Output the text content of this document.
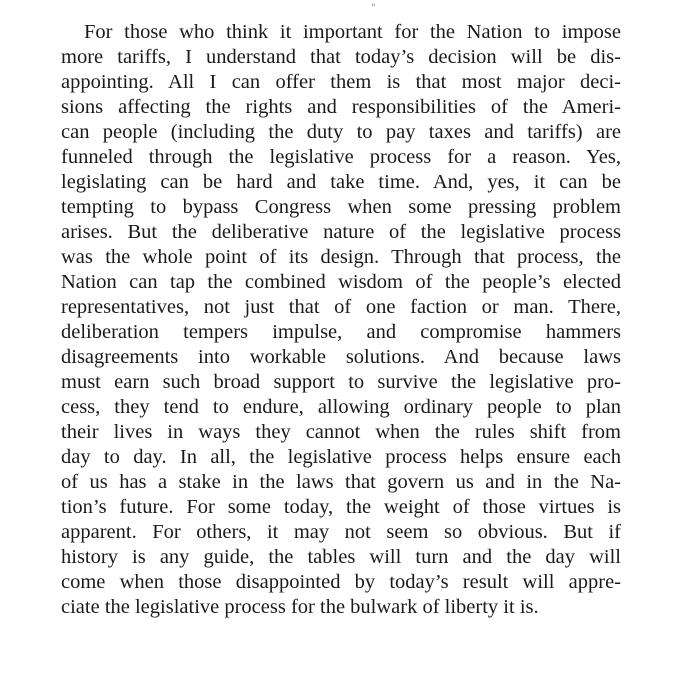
"
For those who think it important for the Nation to impose
more tariffs, I understand that today’s decision will be dis-
appointing. All I can offer them is that most major deci-
sions affecting the rights and responsibilities of the Ameri-
can people (including the duty to pay taxes and tariffs) are
funneled through the legislative process for a reason. Yes,
legislating can be hard and take time. And, yes, it can be
tempting to bypass Congress when some pressing problem
arises. But the deliberative nature of the legislative process
was the whole point of its design. Through that process, the
Nation can tap the combined wisdom of the people’s elected
representatives, not just that of one faction or man. There,
deliberation tempers impulse, and compromise hammers
disagreements into workable solutions. And because laws
must earn such broad support to survive the legislative pro-
cess, they tend to endure, allowing ordinary people to plan
their lives in ways they cannot when the rules shift from
day to day. In all, the legislative process helps ensure each
of us has a stake in the laws that govern us and in the Na-
tion’s future. For some today, the weight of those virtues is
apparent. For others, it may not seem so obvious. But if
history is any guide, the tables will turn and the day will
come when those disappointed by today’s result will appre-
ciate the legislative process for the bulwark of liberty it is.
